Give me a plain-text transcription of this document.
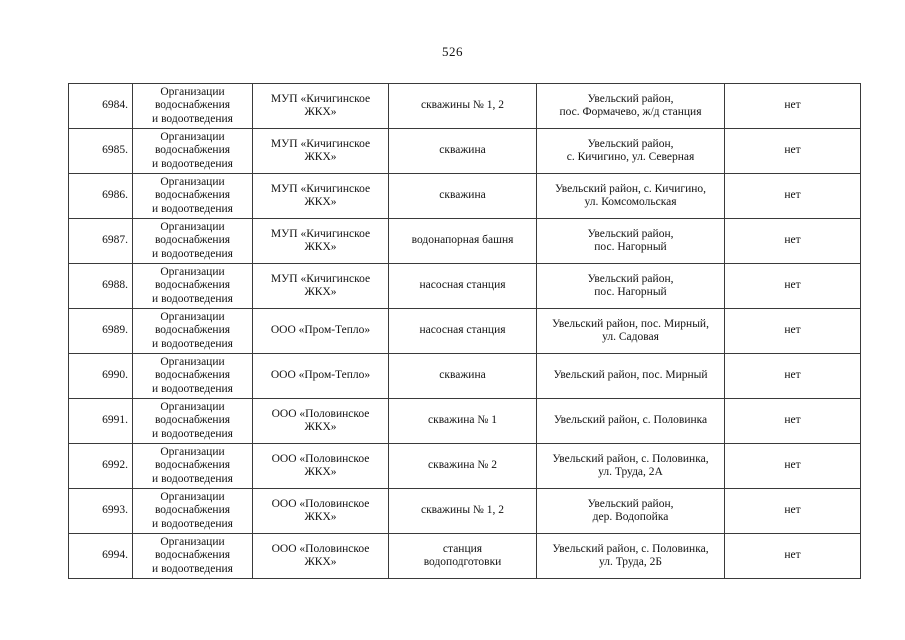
526
6984.	Организации
водоснабжения
и водоотведения	МУП «Кичигинское
ЖКХ»	скважины № 1, 2	Увельский район,
пос. Формачево, ж/д станция	нет
6985.	Организации
водоснабжения
и водоотведения	МУП «Кичигинское
ЖКХ»	скважина	Увельский район,
с. Кичигино, ул. Северная	нет
6986.	Организации
водоснабжения
и водоотведения	МУП «Кичигинское
ЖКХ»	скважина	Увельский район, с. Кичигино,
ул. Комсомольская	нет
6987.	Организации
водоснабжения
и водоотведения	МУП «Кичигинское
ЖКХ»	водонапорная башня	Увельский район,
пос. Нагорный	нет
6988.	Организации
водоснабжения
и водоотведения	МУП «Кичигинское
ЖКХ»	насосная станция	Увельский район,
пос. Нагорный	нет
6989.	Организации
водоснабжения
и водоотведения	ООО «Пром-Тепло»	насосная станция	Увельский район, пос. Мирный,
ул. Садовая	нет
6990.	Организации
водоснабжения
и водоотведения	ООО «Пром-Тепло»	скважина	Увельский район, пос. Мирный	нет
6991.	Организации
водоснабжения
и водоотведения	ООО «Половинское
ЖКХ»	скважина № 1	Увельский район, с. Половинка	нет
6992.	Организации
водоснабжения
и водоотведения	ООО «Половинское
ЖКХ»	скважина № 2	Увельский район, с. Половинка,
ул. Труда, 2А	нет
6993.	Организации
водоснабжения
и водоотведения	ООО «Половинское
ЖКХ»	скважины № 1, 2	Увельский район,
дер. Водопойка	нет
6994.	Организации
водоснабжения
и водоотведения	ООО «Половинское
ЖКХ»	станция
водоподготовки	Увельский район, с. Половинка,
ул. Труда, 2Б	нет
